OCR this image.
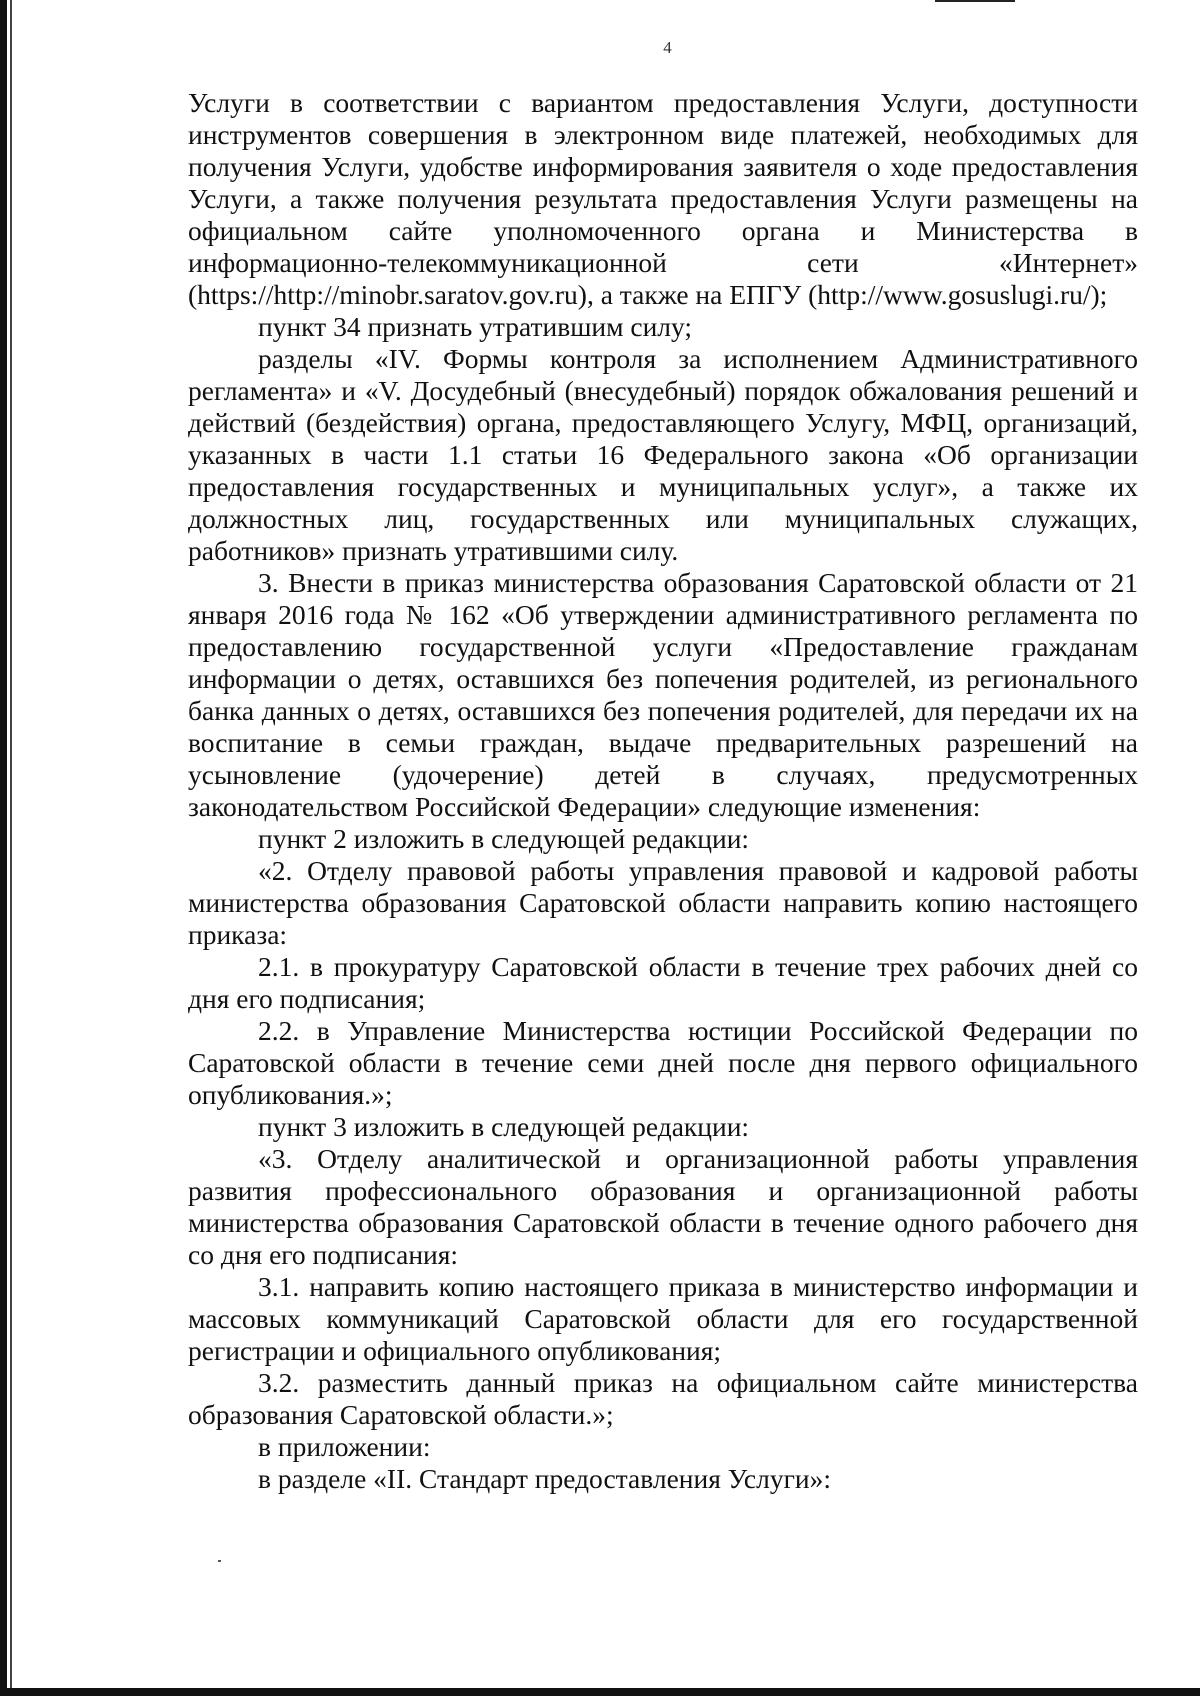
4

Услуги в соответствии с вариантом предоставления Услуги, доступности инструментов совершения в электронном виде платежей, необходимых для получения Услуги, удобстве информирования заявителя о ходе предоставления Услуги, а также получения результата предоставления Услуги размещены на официальном сайте уполномоченного органа и Министерства в информационно-телекоммуникационной сети «Интернет» (https://http://minobr.saratov.gov.ru), а также на ЕПГУ (http://www.gosuslugi.ru/);

пункт 34 признать утратившим силу;

разделы «IV. Формы контроля за исполнением Административного регламента» и «V. Досудебный (внесудебный) порядок обжалования решений и действий (бездействия) органа, предоставляющего Услугу, МФЦ, организаций, указанных в части 1.1 статьи 16 Федерального закона «Об организации предоставления государственных и муниципальных услуг», а также их должностных лиц, государственных или муниципальных служащих, работников» признать утратившими силу.

3. Внести в приказ министерства образования Саратовской области от 21 января 2016 года № 162 «Об утверждении административного регламента по предоставлению государственной услуги «Предоставление гражданам информации о детях, оставшихся без попечения родителей, из регионального банка данных о детях, оставшихся без попечения родителей, для передачи их на воспитание в семьи граждан, выдаче предварительных разрешений на усыновление (удочерение) детей в случаях, предусмотренных законодательством Российской Федерации» следующие изменения:

пункт 2 изложить в следующей редакции:

«2. Отделу правовой работы управления правовой и кадровой работы министерства образования Саратовской области направить копию настоящего приказа:

2.1. в прокуратуру Саратовской области в течение трех рабочих дней со дня его подписания;

2.2. в Управление Министерства юстиции Российской Федерации по Саратовской области в течение семи дней после дня первого официального опубликования.»;

пункт 3 изложить в следующей редакции:

«3. Отделу аналитической и организационной работы управления развития профессионального образования и организационной работы министерства образования Саратовской области в течение одного рабочего дня со дня его подписания:

3.1. направить копию настоящего приказа в министерство информации и массовых коммуникаций Саратовской области для его государственной регистрации и официального опубликования;

3.2. разместить данный приказ на официальном сайте министерства образования Саратовской области.»;

в приложении:

в разделе «II. Стандарт предоставления Услуги»:
